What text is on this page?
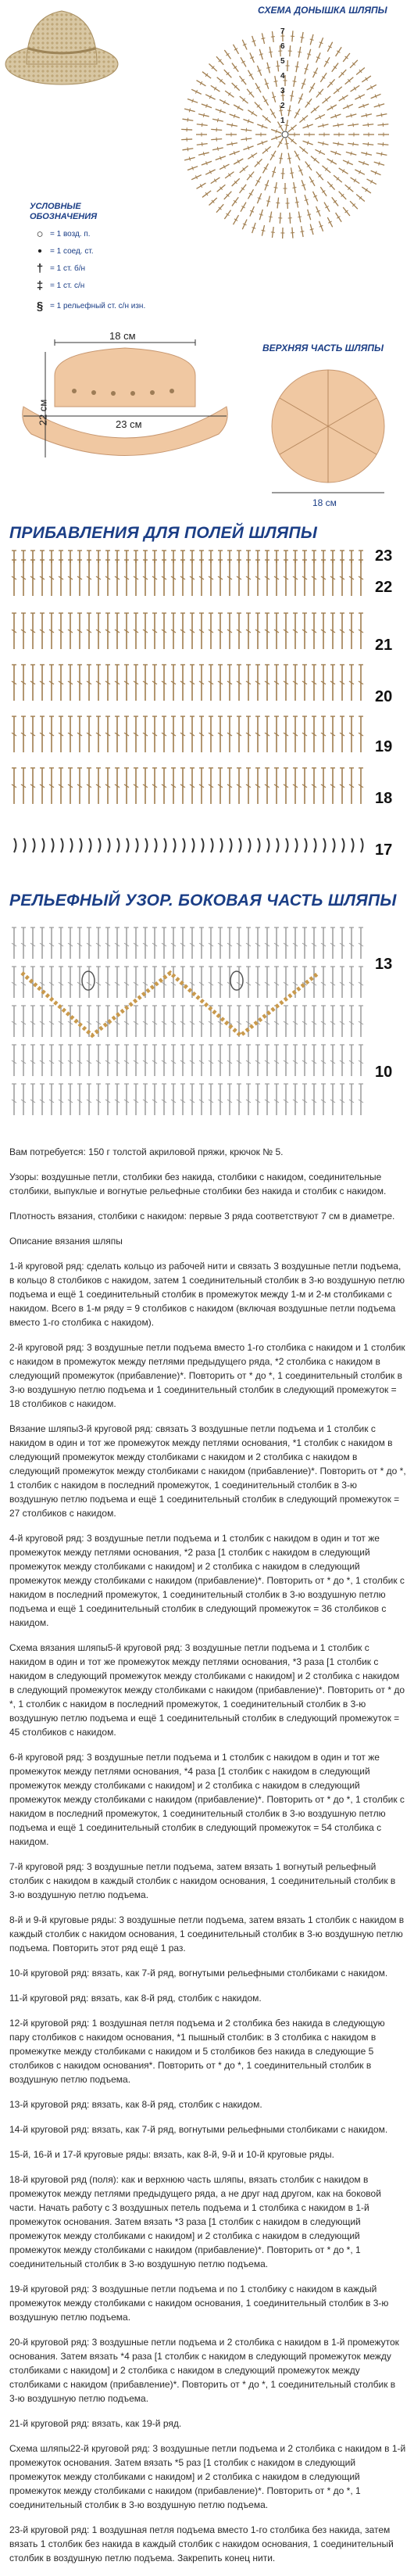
СХЕМА ДОНЫШКА ШЛЯПЫ
1
2
3
4
5
6
7
УСЛОВНЫЕ
ОБОЗНАЧЕНИЯ
○ = 1 возд. п.
•	= 1 соед. ст.
† = 1 ст. б/н
‡ = 1 ст. с/н
§ = 1 рельефный ст. с/н изн.
18 см
23 см
22 см
ВЕРХНЯЯ ЧАСТЬ ШЛЯПЫ
18 см
ПРИБАВЛЕНИЯ ДЛЯ ПОЛЕЙ ШЛЯПЫ
23
22
21
20
19
18
17
РЕЛЬЕФНЫЙ УЗОР. БОКОВАЯ ЧАСТЬ ШЛЯПЫ
13
10

Вам потребуется: 150 г толстой акриловой пряжи, крючок № 5.

Узоры: воздушные петли, столбики без накида, столбики с накидом, соединительные столбики, выпуклые и вогнутые рельефные столбики без накида и столбик с накидом.

Плотность вязания, столбики с накидом: первые 3 ряда соответствуют 7 см в диаметре.

Описание вязания шляпы

1-й круговой ряд: сделать кольцо из рабочей нити и связать 3 воздушные петли подъема, в кольцо 8 столбиков с накидом, затем 1 соединительный столбик в 3-ю воздушную петлю подъема и ещё 1 соединительный столбик в промежуток между 1-м и 2-м столбиками с накидом. Всего в 1-м ряду = 9 столбиков с накидом (включая воздушные петли подъема вместо 1-го столбика с накидом).

2-й круговой ряд: 3 воздушные петли подъема вместо 1-го столбика с накидом и 1 столбик с накидом в промежуток между петлями предыдущего ряда, *2 столбика с накидом в следующий промежуток (прибавление)*. Повторить от * до *, 1 соединительный столбик в 3-ю воздушную петлю подъема и 1 соединительный столбик в следующий промежуток = 18 столбиков с накидом.

Вязание шляпы3-й круговой ряд: связать 3 воздушные петли подъема и 1 столбик с накидом в один и тот же промежуток между петлями основания, *1 столбик с накидом в следующий промежуток между столбиками с накидом и 2 столбика с накидом в следующий промежуток между столбиками с накидом (прибавление)*. Повторить от * до *, 1 столбик с накидом в последний промежуток, 1 соединительный столбик в 3-ю воздушную петлю подъема и ещё 1 соединительный столбик в следующий промежуток = 27 столбиков с накидом.

4-й круговой ряд: 3 воздушные петли подъема и 1 столбик с накидом в один и тот же промежуток между петлями основания, *2 раза [1 столбик с накидом в следующий промежуток между столбиками с накидом] и 2 столбика с накидом в следующий промежуток между столбиками с накидом (прибавление)*. Повторить от * до *, 1 столбик с накидом в последний промежуток, 1 соединительный столбик в 3-ю воздушную петлю подъема и ещё 1 соединительный столбик в следующий промежуток = 36 столбиков с накидом.

Схема вязания шляпы5-й круговой ряд: 3 воздушные петли подъема и 1 столбик с накидом в один и тот же промежуток между петлями основания, *3 раза [1 столбик с накидом в следующий промежуток между столбиками с накидом] и 2 столбика с накидом в следующий промежуток между столбиками с накидом (прибавление)*. Повторить от * до *, 1 столбик с накидом в последний промежуток, 1 соединительный столбик в 3-ю воздушную петлю подъема и ещё 1 соединительный столбик в следующий промежуток = 45 столбиков с накидом.

6-й круговой ряд: 3 воздушные петли подъема и 1 столбик с накидом в один и тот же промежуток между петлями основания, *4 раза [1 столбик с накидом в следующий промежуток между столбиками с накидом] и 2 столбика с накидом в следующий промежуток между столбиками с накидом (прибавление)*. Повторить от * до *, 1 столбик с накидом в последний промежуток, 1 соединительный столбик в 3-ю воздушную петлю подъема и ещё 1 соединительный столбик в следующий промежуток = 54 столбика с накидом.

7-й круговой ряд: 3 воздушные петли подъема, затем вязать 1 вогнутый рельефный столбик с накидом в каждый столбик с накидом основания, 1 соединительный столбик в 3-ю воздушную петлю подъема.

8-й и 9-й круговые ряды: 3 воздушные петли подъема, затем вязать 1 столбик с накидом в каждый столбик с накидом основания, 1 соединительный столбик в 3-ю воздушную петлю подъема. Повторить этот ряд ещё 1 раз.

10-й круговой ряд: вязать, как 7-й ряд, вогнутыми рельефными столбиками с накидом.

11-й круговой ряд: вязать, как 8-й ряд, столбик с накидом.

12-й круговой ряд: 1 воздушная петля подъема и 2 столбика без накида в следующую пару столбиков с накидом основания, *1 пышный столбик: в 3 столбика с накидом в промежутке между столбиками с накидом и 5 столбиков без накида в следующие 5 столбиков с накидом основания*. Повторить от * до *, 1 соединительный столбик в воздушную петлю подъема.

13-й круговой ряд: вязать, как 8-й ряд, столбик с накидом.

14-й круговой ряд: вязать, как 7-й ряд, вогнутыми рельефными столбиками с накидом.

15-й, 16-й и 17-й круговые ряды: вязать, как 8-й, 9-й и 10-й круговые ряды.

18-й круговой ряд (поля): как и верхнюю часть шляпы, вязать столбик с накидом в промежуток между петлями предыдущего ряда, а не друг над другом, как на боковой части. Начать работу с 3 воздушных петель подъема и 1 столбика с накидом в 1-й промежуток основания. Затем вязать *3 раза [1 столбик с накидом в следующий промежуток между столбиками с накидом] и 2 столбика с накидом в следующий промежуток между столбиками с накидом (прибавление)*. Повторить от * до *, 1 соединительный столбик в 3-ю воздушную петлю подъема.

19-й круговой ряд: 3 воздушные петли подъема и по 1 столбику с накидом в каждый промежуток между столбиками с накидом основания, 1 соединительный столбик в 3-ю воздушную петлю подъема.

20-й круговой ряд: 3 воздушные петли подъема и 2 столбика с накидом в 1-й промежуток основания. Затем вязать *4 раза [1 столбик с накидом в следующий промежуток между столбиками с накидом] и 2 столбика с накидом в следующий промежуток между столбиками с накидом (прибавление)*. Повторить от * до *, 1 соединительный столбик в 3-ю воздушную петлю подъема.

21-й круговой ряд: вязать, как 19-й ряд.

Схема шляпы22-й круговой ряд: 3 воздушные петли подъема и 2 столбика с накидом в 1-й промежуток основания. Затем вязать *5 раз [1 столбик с накидом в следующий промежуток между столбиками с накидом] и 2 столбика с накидом в следующий промежуток между столбиками с накидом (прибавление)*. Повторить от * до *, 1 соединительный столбик в 3-ю воздушную петлю подъема.

23-й круговой ряд: 1 воздушная петля подъема вместо 1-го столбика без накида, затем вязать 1 столбик без накида в каждый столбик с накидом основания, 1 соединительный столбик в воздушную петлю подъема. Закрепить конец нити.
